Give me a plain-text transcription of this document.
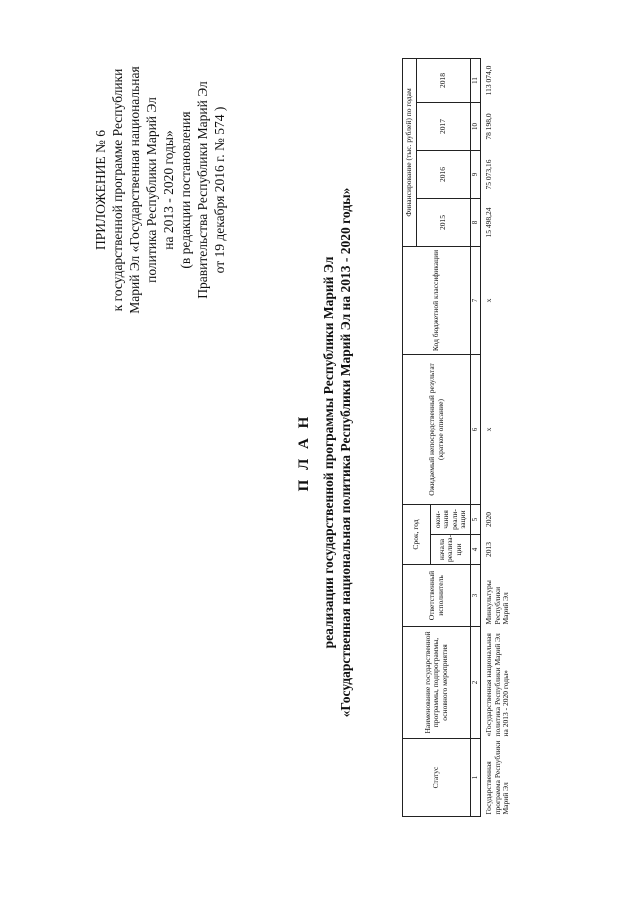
ПРИЛОЖЕНИЕ № 6 к государственной программе Республики Марий Эл «Государственная национальная политика Республики Марий Эл на 2013 - 2020 годы» (в редакции постановления Правительства Республики Марий Эл от 19 декабря 2016 г. № 574 )
П Л А Н реализации государственной программы Республики Марий Эл «Государственная национальная политика Республики Марий Эл на 2013 - 2020 годы»
Статус	Наименование государственной программы, подпрограммы, основного мероприятия	Ответственный исполнитель	Срок, год		Ожидаемый непосредственный результат (краткое описание)	Код бюджетной классификации	Финансирование (тыс. рублей) по годам			
							2015	2016	2017	2018
			начала реализа- ции	окон- чания реали- зации						
1	2	3	4	5	6	7	8	9	10	11
Государственная программа Республики Марий Эл	«Государственная национальная политика Республики Марий Эл на 2013 - 2020 годы»	Минкультуры Республики Марий Эл	2013	2020	x	x	15 498,24	75 073,16	78 198,0	113 074,0
